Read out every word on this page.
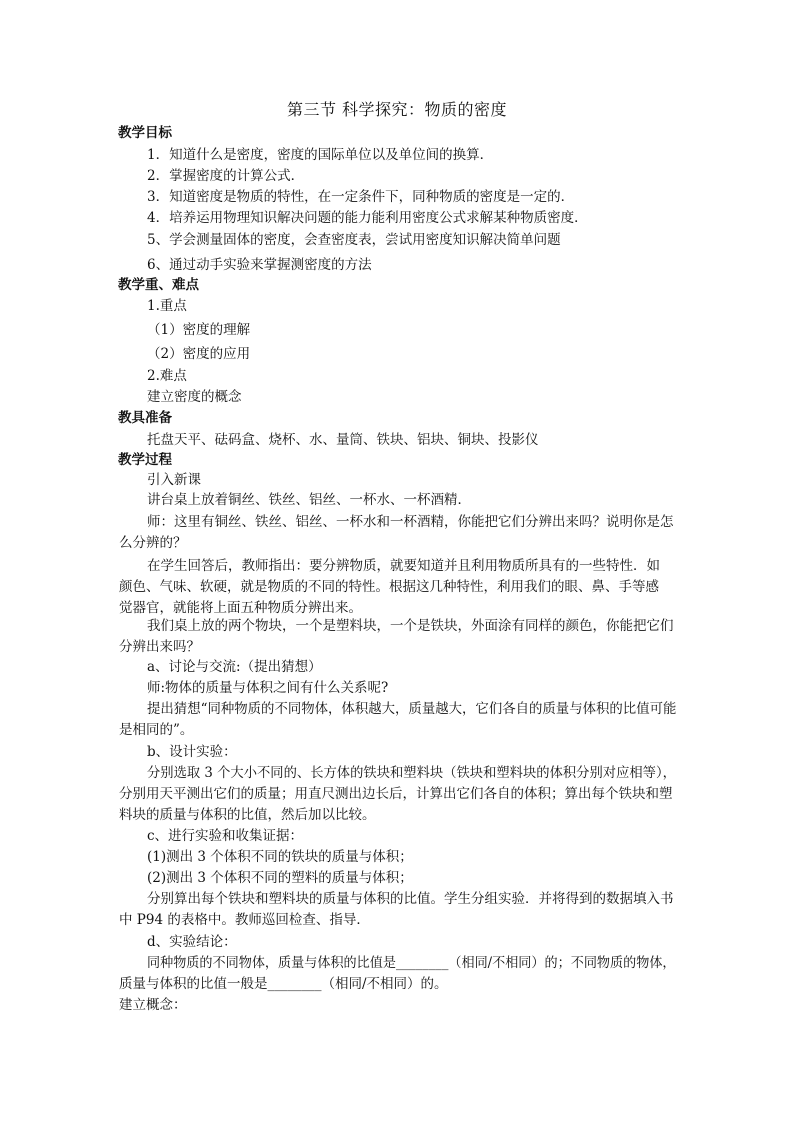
第三节 科学探究：物质的密度
教学目标
1．知道什么是密度，密度的国际单位以及单位间的换算．
2．掌握密度的计算公式．
3．知道密度是物质的特性，在一定条件下，同种物质的密度是一定的．
4．培养运用物理知识解决问题的能力能利用密度公式求解某种物质密度．
5、学会测量固体的密度，会查密度表，尝试用密度知识解决简单问题
6、通过动手实验来掌握测密度的方法
教学重、难点
1.重点
（1）密度的理解
（2）密度的应用
2.难点
建立密度的概念
教具准备
托盘天平、砝码盒、烧杯、水、量筒、铁块、铝块、铜块、投影仪
教学过程
引入新课
讲台桌上放着铜丝、铁丝、铝丝、一杯水、一杯酒精．
师：这里有铜丝、铁丝、铝丝、一杯水和一杯酒精，你能把它们分辨出来吗？说明你是怎
么分辨的？
在学生回答后，教师指出：要分辨物质，就要知道并且利用物质所具有的一些特性．如
颜色、气味、软硬，就是物质的不同的特性。根据这几种特性，利用我们的眼、鼻、手等感
觉器官，就能将上面五种物质分辨出来。
我们桌上放的两个物块，一个是塑料块，一个是铁块，外面涂有同样的颜色，你能把它们
分辨出来吗？
a、讨论与交流:（提出猜想）
师:物体的质量与体积之间有什么关系呢?
提出猜想“同种物质的不同物体，体积越大，质量越大，它们各自的质量与体积的比值可能
是相同的”。
b、设计实验：
分别选取 3 个大小不同的、长方体的铁块和塑料块（铁块和塑料块的体积分别对应相等），
分别用天平测出它们的质量；用直尺测出边长后，计算出它们各自的体积；算出每个铁块和塑
料块的质量与体积的比值，然后加以比较。
c、进行实验和收集证据：
(1)测出 3 个体积不同的铁块的质量与体积；
(2)测出 3 个体积不同的塑料的质量与体积；
分别算出每个铁块和塑料块的质量与体积的比值。学生分组实验．并将得到的数据填入书
中 P94 的表格中。教师巡回检查、指导．
d、实验结论：
同种物质的不同物体，质量与体积的比值是________（相同/不相同）的；不同物质的物体，
质量与体积的比值一般是________（相同/不相同）的。
建立概念：
